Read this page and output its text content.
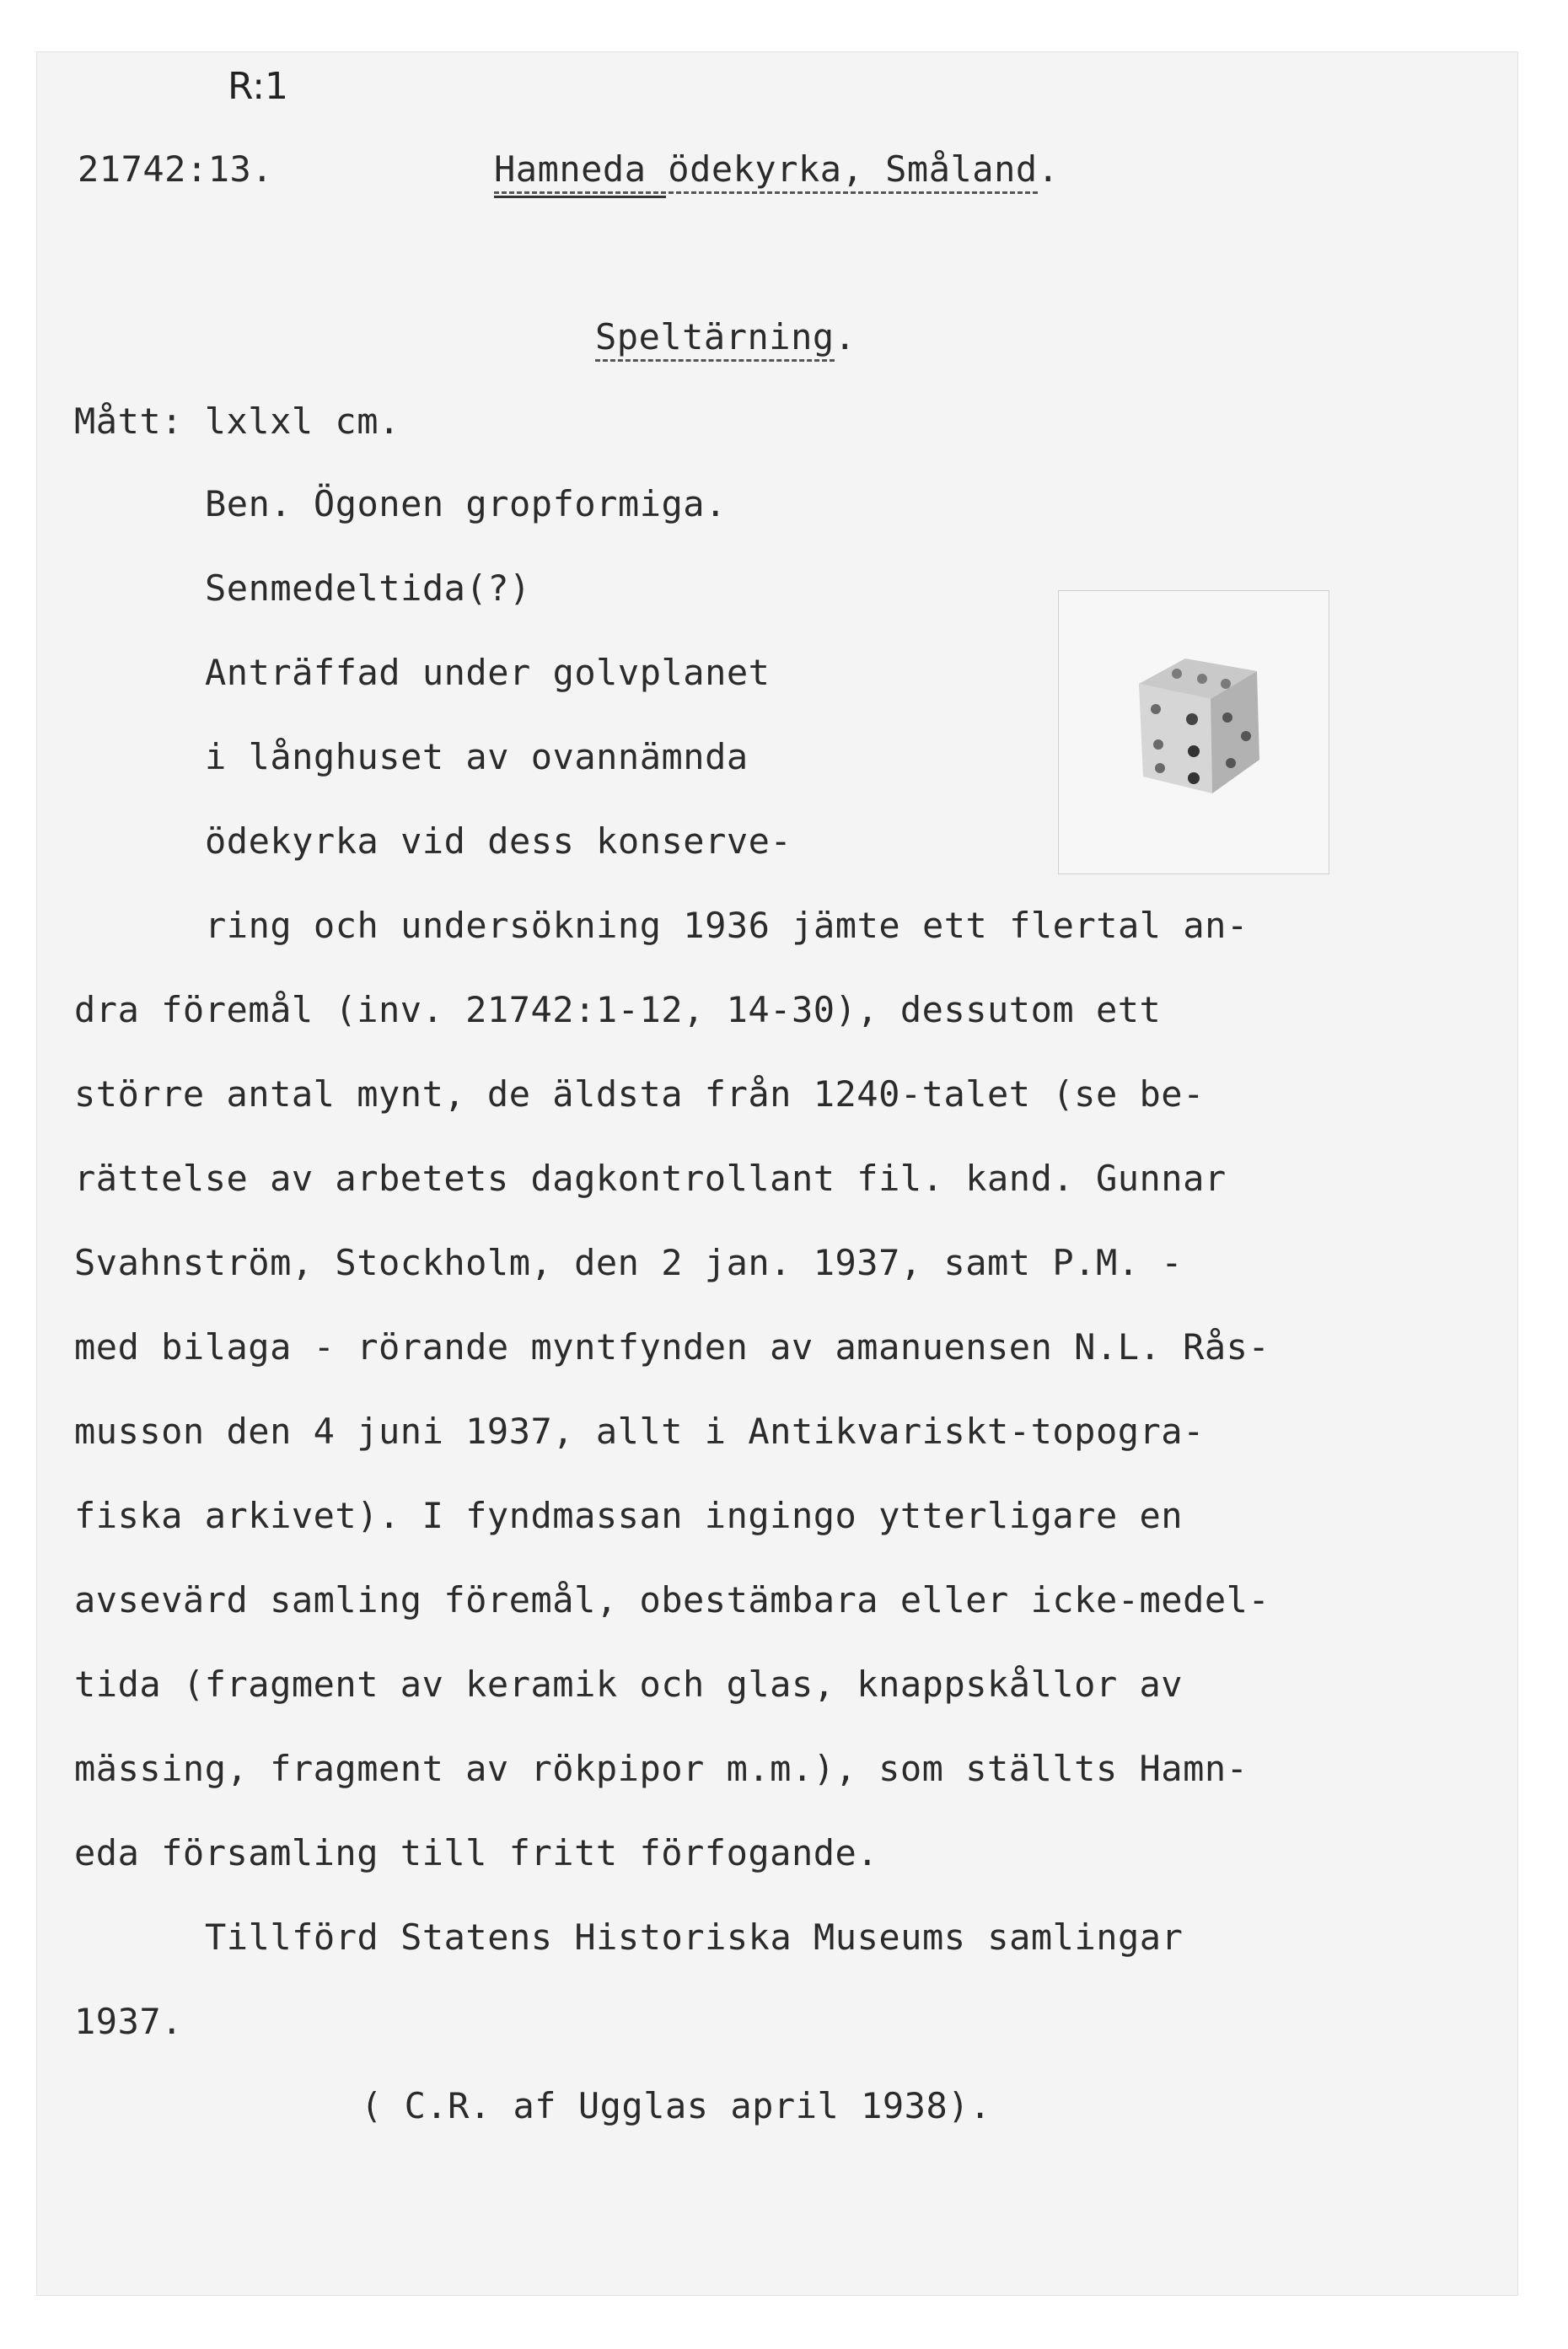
R:1
21742:13.	Hamneda ödekyrka, Småland.
Speltärning.
Mått: lxlxl cm.
Ben. Ögonen gropformiga.
Senmedeltida(?)
Anträffad under golvplanet
i långhuset av ovannämnda
ödekyrka vid dess konserve-
ring och undersökning 1936 jämte ett flertal an-
dra föremål (inv. 21742:1-12, 14-30), dessutom ett
större antal mynt, de äldsta från 1240-talet (se be-
rättelse av arbetets dagkontrollant fil. kand. Gunnar
Svahnström, Stockholm, den 2 jan. 1937, samt P.M. -
med bilaga - rörande myntfynden av amanuensen N.L. Rås-
musson den 4 juni 1937, allt i Antikvariskt-topogra-
fiska arkivet). I fyndmassan ingingo ytterligare en
avsevärd samling föremål, obestämbara eller icke-medel-
tida (fragment av keramik och glas, knappskållor av
mässing, fragment av rökpipor m.m.), som ställts Hamn-
eda församling till fritt förfogande.
Tillförd Statens Historiska Museums samlingar
1937.
( C.R. af Ugglas april 1938).
